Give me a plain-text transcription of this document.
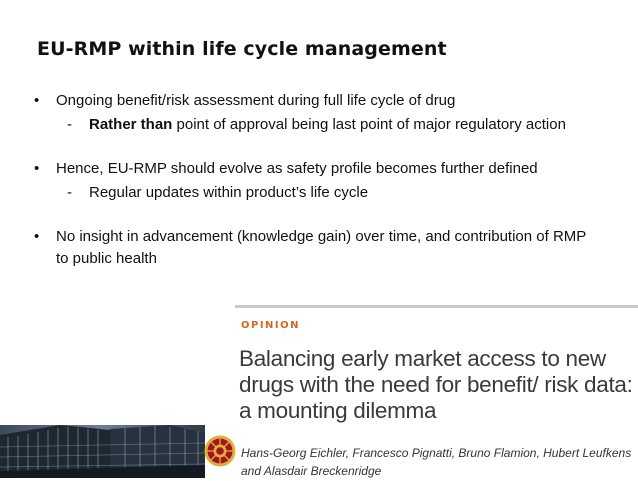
EU-RMP within life cycle management
•	Ongoing benefit/risk assessment during full life cycle of drug
-	Rather than point of approval being last point of major regulatory action
•	Hence, EU-RMP should evolve as safety profile becomes further defined
-	Regular updates within product’s life cycle
•	No insight in advancement (knowledge gain) over time, and contribution of RMP to public health
OPINION
Balancing early market access to new drugs with the need for benefit/ risk data: a mounting dilemma
Hans-Georg Eichler, Francesco Pignatti, Bruno Flamion, Hubert Leufkens and Alasdair Breckenridge
